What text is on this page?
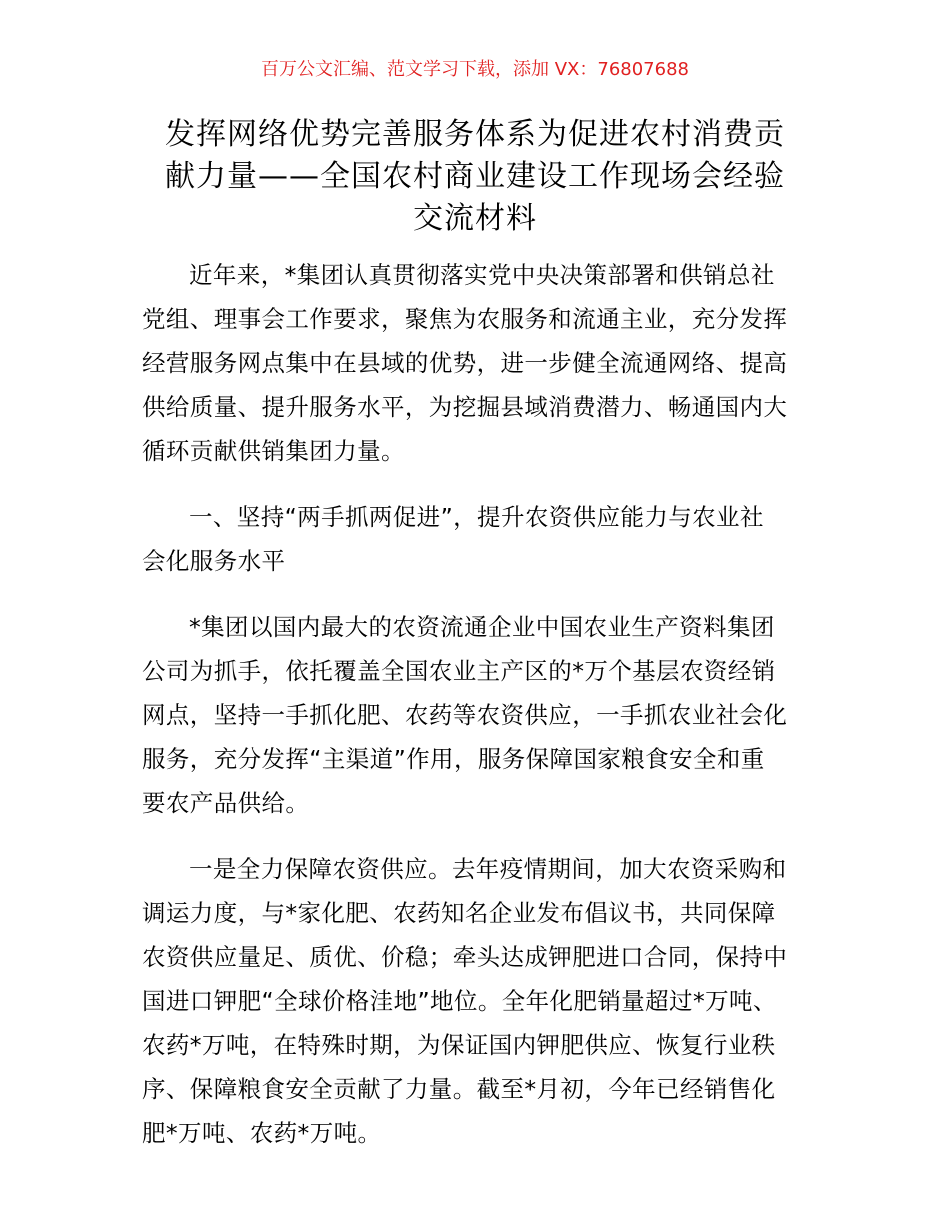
百万公文汇编、范文学习下载，添加 VX：76807688
发挥网络优势完善服务体系为促进农村消费贡
献力量——全国农村商业建设工作现场会经验
交流材料
近年来，*集团认真贯彻落实党中央决策部署和供销总社
党组、理事会工作要求，聚焦为农服务和流通主业，充分发挥
经营服务网点集中在县域的优势，进一步健全流通网络、提高
供给质量、提升服务水平，为挖掘县域消费潜力、畅通国内大
循环贡献供销集团力量。
一、坚持“两手抓两促进”，提升农资供应能力与农业社
会化服务水平
*集团以国内最大的农资流通企业中国农业生产资料集团
公司为抓手，依托覆盖全国农业主产区的*万个基层农资经销
网点，坚持一手抓化肥、农药等农资供应，一手抓农业社会化
服务，充分发挥“主渠道”作用，服务保障国家粮食安全和重
要农产品供给。
一是全力保障农资供应。去年疫情期间，加大农资采购和
调运力度，与*家化肥、农药知名企业发布倡议书，共同保障
农资供应量足、质优、价稳；牵头达成钾肥进口合同，保持中
国进口钾肥“全球价格洼地”地位。全年化肥销量超过*万吨、
农药*万吨，在特殊时期，为保证国内钾肥供应、恢复行业秩
序、保障粮食安全贡献了力量。截至*月初，今年已经销售化
肥*万吨、农药*万吨。
